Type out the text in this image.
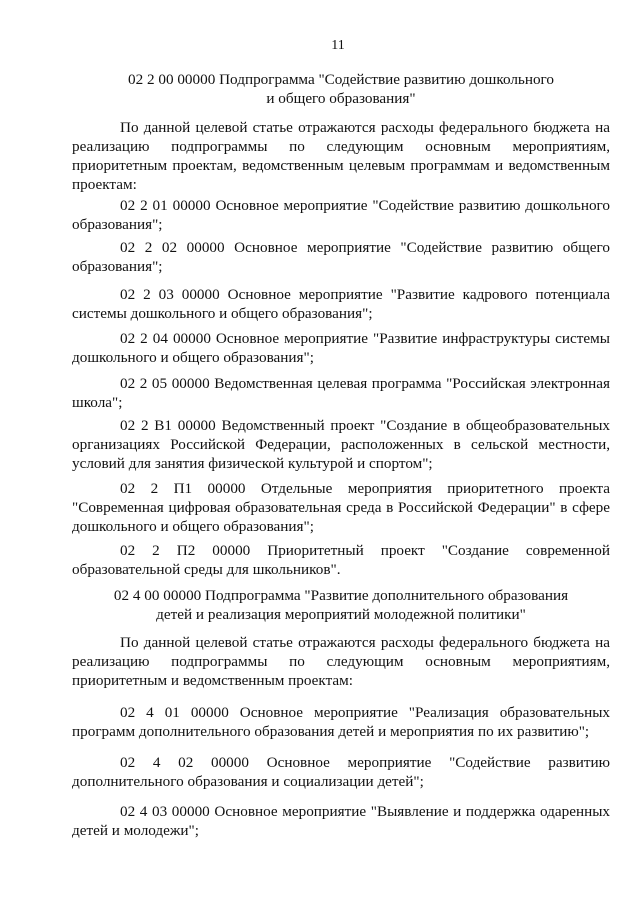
11

02 2 00 00000 Подпрограмма "Содействие развитию дошкольного
и общего образования"

По данной целевой статье отражаются расходы федерального бюджета на реализацию подпрограммы по следующим основным мероприятиям, приоритетным проектам, ведомственным целевым программам и ведомственным проектам:

02 2 01 00000 Основное мероприятие "Содействие развитию дошкольного образования";

02 2 02 00000 Основное мероприятие "Содействие развитию общего образования";

02 2 03 00000 Основное мероприятие "Развитие кадрового потенциала системы дошкольного и общего образования";

02 2 04 00000 Основное мероприятие "Развитие инфраструктуры системы дошкольного и общего образования";

02 2 05 00000 Ведомственная целевая программа "Российская электронная школа";

02 2 В1 00000 Ведомственный проект "Создание в общеобразовательных организациях Российской Федерации, расположенных в сельской местности, условий для занятия физической культурой и спортом";

02 2 П1 00000 Отдельные мероприятия приоритетного проекта "Современная цифровая образовательная среда в Российской Федерации" в сфере дошкольного и общего образования";

02 2 П2 00000 Приоритетный проект "Создание современной образовательной среды для школьников".

02 4 00 00000 Подпрограмма "Развитие дополнительного образования
детей и реализация мероприятий молодежной политики"

По данной целевой статье отражаются расходы федерального бюджета на реализацию подпрограммы по следующим основным мероприятиям, приоритетным и ведомственным проектам:

02 4 01 00000 Основное мероприятие "Реализация образовательных программ дополнительного образования детей и мероприятия по их развитию";

02 4 02 00000 Основное мероприятие "Содействие развитию дополнительного образования и социализации детей";

02 4 03 00000 Основное мероприятие "Выявление и поддержка одаренных детей и молодежи";
